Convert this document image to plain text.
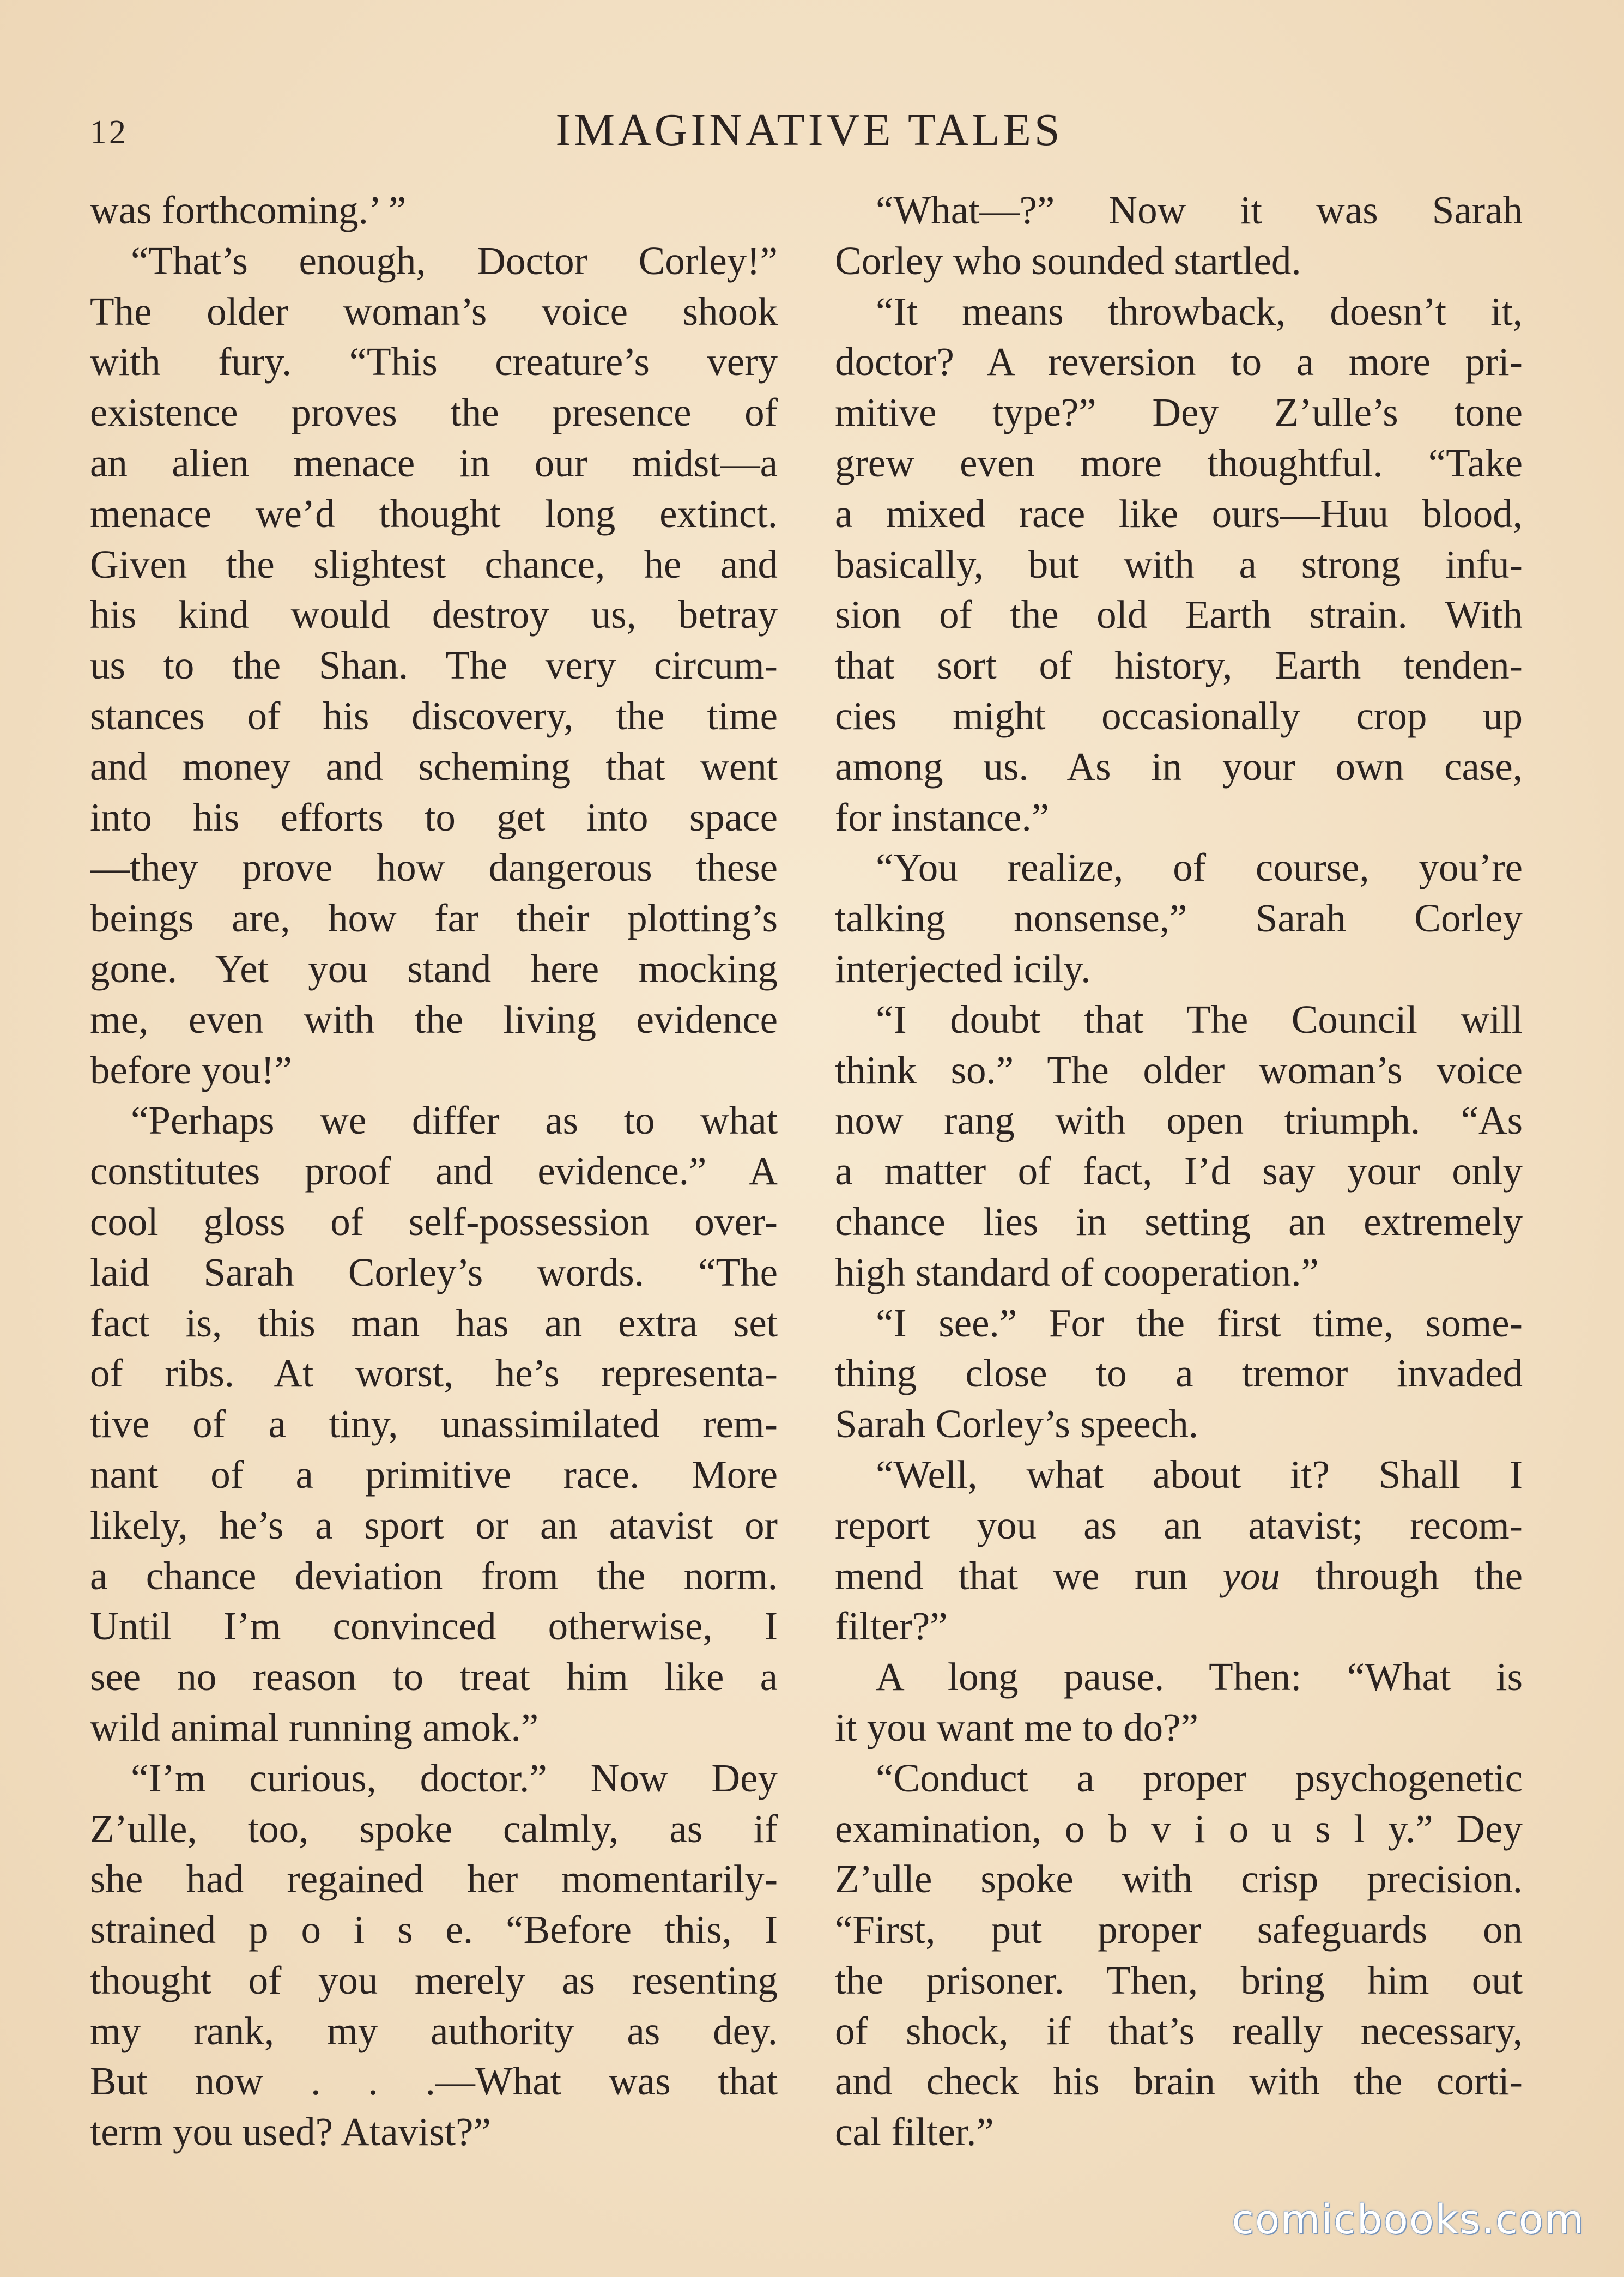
12	IMAGINATIVE TALES
was forthcoming.’ ”
“That’s enough, Doctor Corley!”
The older woman’s voice shook
with fury. “This creature’s very
existence proves the presence of
an alien menace in our midst—a
menace we’d thought long extinct.
Given the slightest chance, he and
his kind would destroy us, betray
us to the Shan. The very circum-
stances of his discovery, the time
and money and scheming that went
into his efforts to get into space
—they prove how dangerous these
beings are, how far their plotting’s
gone. Yet you stand here mocking
me, even with the living evidence
before you!”
“Perhaps we differ as to what
constitutes proof and evidence.” A
cool gloss of self-possession over-
laid Sarah Corley’s words. “The
fact is, this man has an extra set
of ribs. At worst, he’s representa-
tive of a tiny, unassimilated rem-
nant of a primitive race. More
likely, he’s a sport or an atavist or
a chance deviation from the norm.
Until I’m convinced otherwise, I
see no reason to treat him like a
wild animal running amok.”
“I’m curious, doctor.” Now Dey
Z’ulle, too, spoke calmly, as if
she had regained her momentarily-
strained p o i s e. “Before this, I
thought of you merely as resenting
my rank, my authority as dey.
But now . . .—What was that
term you used? Atavist?”
“What—?” Now it was Sarah
Corley who sounded startled.
“It means throwback, doesn’t it,
doctor? A reversion to a more pri-
mitive type?” Dey Z’ulle’s tone
grew even more thoughtful. “Take
a mixed race like ours—Huu blood,
basically, but with a strong infu-
sion of the old Earth strain. With
that sort of history, Earth tenden-
cies might occasionally crop up
among us. As in your own case,
for instance.”
“You realize, of course, you’re
talking nonsense,” Sarah Corley
interjected icily.
“I doubt that The Council will
think so.” The older woman’s voice
now rang with open triumph. “As
a matter of fact, I’d say your only
chance lies in setting an extremely
high standard of cooperation.”
“I see.” For the first time, some-
thing close to a tremor invaded
Sarah Corley’s speech.
“Well, what about it? Shall I
report you as an atavist; recom-
mend that we run you through the
filter?”
A long pause. Then: “What is
it you want me to do?”
“Conduct a proper psychogenetic
examination, o b v i o u s l y.” Dey
Z’ulle spoke with crisp precision.
“First, put proper safeguards on
the prisoner. Then, bring him out
of shock, if that’s really necessary,
and check his brain with the corti-
cal filter.”
comicbooks.com
